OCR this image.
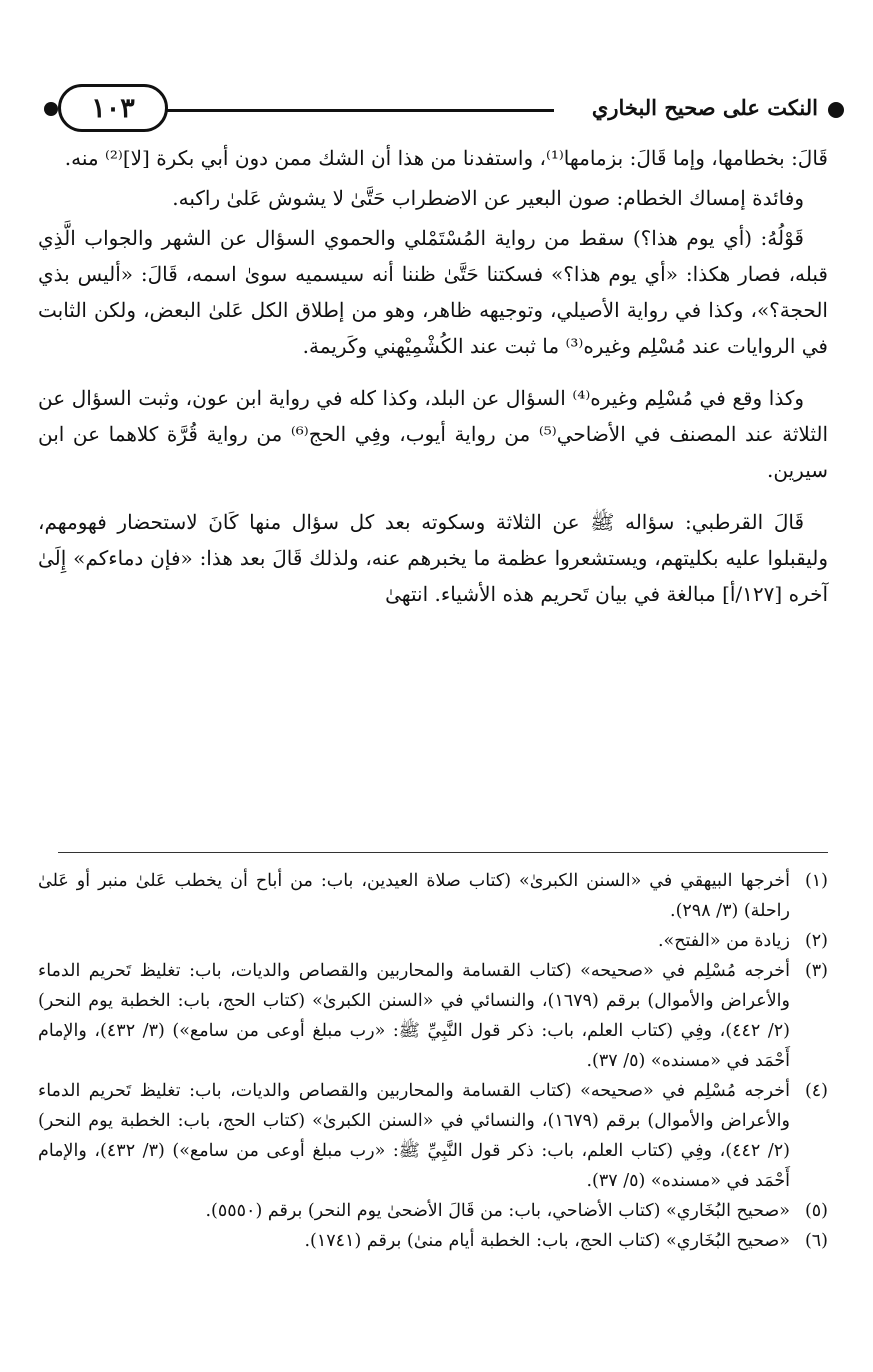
النكت على صحيح البخاري
١٠٣

قَالَ: بخطامها، وإما قَالَ: بزمامها⁽¹⁾، واستفدنا من هذا أن الشك ممن دون أبي بكرة [لا]⁽²⁾ منه.

وفائدة إمساك الخطام: صون البعير عن الاضطراب حَتَّىٰ لا يشوش عَلىٰ راكبه.

قَوْلُهُ: (أي يوم هذا؟) سقط من رواية المُسْتَمْلي والحموي السؤال عن الشهر والجواب الَّذِي قبله، فصار هكذا: «أي يوم هذا؟» فسكتنا حَتَّىٰ ظننا أنه سيسميه سوىٰ اسمه، قَالَ: «أليس بذي الحجة؟»، وكذا في رواية الأصيلي، وتوجيهه ظاهر، وهو من إطلاق الكل عَلىٰ البعض، ولكن الثابت في الروايات عند مُسْلِم وغيره⁽³⁾ ما ثبت عند الكُشْمِيْهني وكَريمة.

وكذا وقع في مُسْلِم وغيره⁽⁴⁾ السؤال عن البلد، وكذا كله في رواية ابن عون، وثبت السؤال عن الثلاثة عند المصنف في الأضاحي⁽⁵⁾ من رواية أيوب، وفِي الحج⁽⁶⁾ من رواية قُرَّة كلاهما عن ابن سيرين.

قَالَ القرطبي: سؤاله ﷺ عن الثلاثة وسكوته بعد كل سؤال منها كَانَ لاستحضار فهومهم، وليقبلوا عليه بكليتهم، ويستشعروا عظمة ما يخبرهم عنه، ولذلك قَالَ بعد هذا: «فإن دماءكم» إِلَىٰ آخره [١٢٧/أ] مبالغة في بيان تَحريم هذه الأشياء. انتهىٰ

(١)
أخرجها البيهقي في «السنن الكبرىٰ» (كتاب صلاة العيدين، باب: من أباح أن يخطب عَلىٰ منبر أو عَلىٰ راحلة) (٣/ ٢٩٨).
(٢)
زيادة من «الفتح».
(٣)
أخرجه مُسْلِم في «صحيحه» (كتاب القسامة والمحاربين والقصاص والديات، باب: تغليظ تَحريم الدماء والأعراض والأموال) برقم (١٦٧٩)، والنسائي في «السنن الكبرىٰ» (كتاب الحج، باب: الخطبة يوم النحر) (٢/ ٤٤٢)، وفِي (كتاب العلم، باب: ذكر قول النَّبِيِّ ﷺ: «رب مبلغ أوعى من سامع») (٣/ ٤٣٢)، والإمام أَحْمَد في «مسنده» (٥/ ٣٧).
(٤)
أخرجه مُسْلِم في «صحيحه» (كتاب القسامة والمحاربين والقصاص والديات، باب: تغليظ تَحريم الدماء والأعراض والأموال) برقم (١٦٧٩)، والنسائي في «السنن الكبرىٰ» (كتاب الحج، باب: الخطبة يوم النحر) (٢/ ٤٤٢)، وفِي (كتاب العلم، باب: ذكر قول النَّبِيِّ ﷺ: «رب مبلغ أوعى من سامع») (٣/ ٤٣٢)، والإمام أَحْمَد في «مسنده» (٥/ ٣٧).
(٥)
«صحيح البُخَاري» (كتاب الأضاحي، باب: من قَالَ الأضحىٰ يوم النحر) برقم (٥٥٥٠).
(٦)
«صحيح البُخَاري» (كتاب الحج، باب: الخطبة أيام منىٰ) برقم (١٧٤١).
